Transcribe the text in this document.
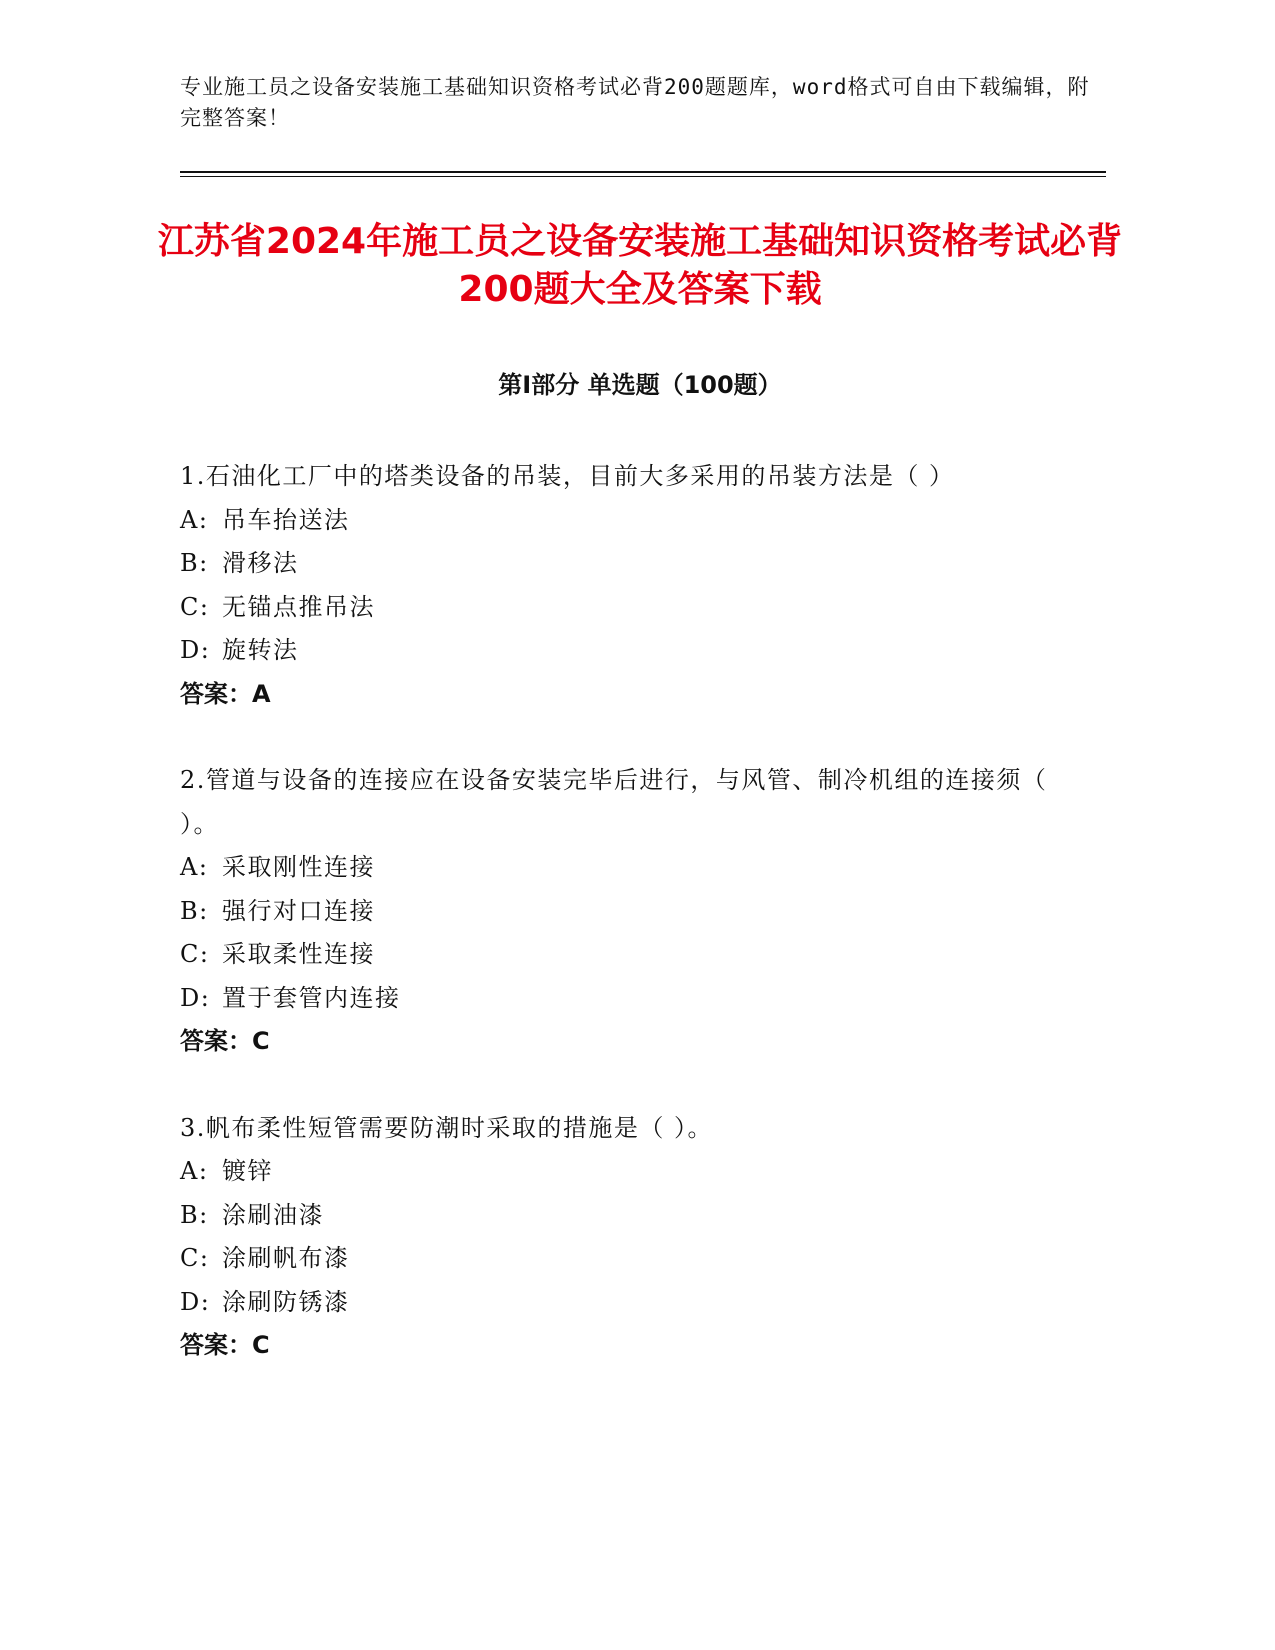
专业施工员之设备安装施工基础知识资格考试必背200题题库，word格式可自由下载编辑，附完整答案！

江苏省2024年施工员之设备安装施工基础知识资格考试必背200题大全及答案下载
第Ⅰ部分 单选题（100题）

1.石油化工厂中的塔类设备的吊装，目前大多采用的吊装方法是（ ）

A: 吊车抬送法
B: 滑移法
C: 无锚点推吊法
D: 旋转法

答案：A

2.管道与设备的连接应在设备安装完毕后进行，与风管、制冷机组的连接须（ ）。

A: 采取刚性连接
B: 强行对口连接
C: 采取柔性连接
D: 置于套管内连接

答案：C

3.帆布柔性短管需要防潮时采取的措施是（ ）。

A: 镀锌
B: 涂刷油漆
C: 涂刷帆布漆
D: 涂刷防锈漆

答案：C
